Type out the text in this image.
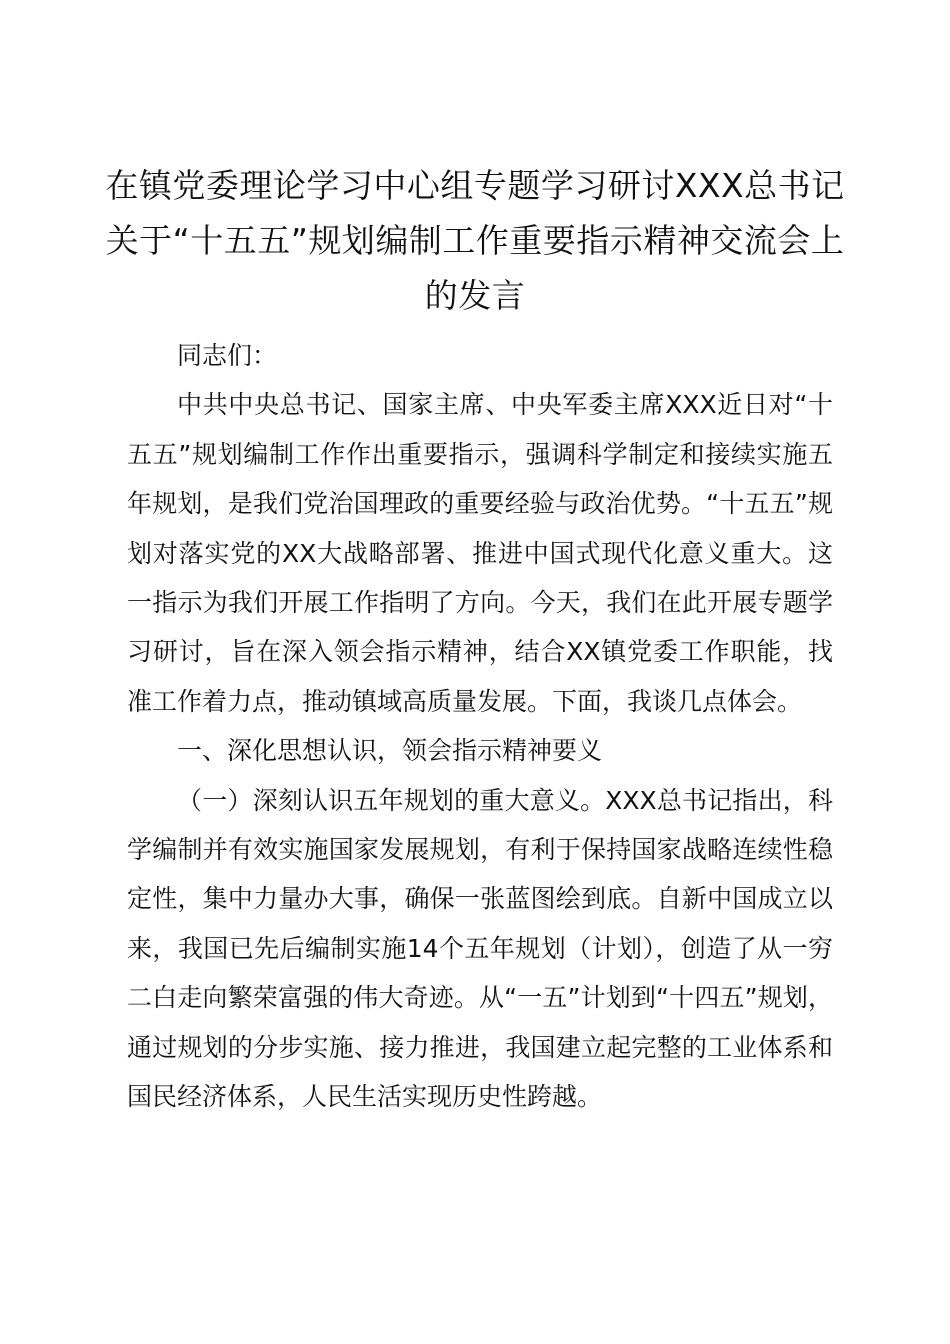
在镇党委理论学习中心组专题学习研讨XXX总书记关于“十五五”规划编制工作重要指示精神交流会上的发言

同志们：

中共中央总书记、国家主席、中央军委主席XXX近日对“十五五”规划编制工作作出重要指示，强调科学制定和接续实施五年规划，是我们党治国理政的重要经验与政治优势。“十五五”规划对落实党的XX大战略部署、推进中国式现代化意义重大。这一指示为我们开展工作指明了方向。今天，我们在此开展专题学习研讨，旨在深入领会指示精神，结合XX镇党委工作职能，找准工作着力点，推动镇域高质量发展。下面，我谈几点体会。

一、深化思想认识，领会指示精神要义

（一）深刻认识五年规划的重大意义。XXX总书记指出，科学编制并有效实施国家发展规划，有利于保持国家战略连续性稳定性，集中力量办大事，确保一张蓝图绘到底。自新中国成立以来，我国已先后编制实施14个五年规划（计划），创造了从一穷二白走向繁荣富强的伟大奇迹。从“一五”计划到“十四五”规划，通过规划的分步实施、接力推进，我国建立起完整的工业体系和国民经济体系，人民生活实现历史性跨越。
